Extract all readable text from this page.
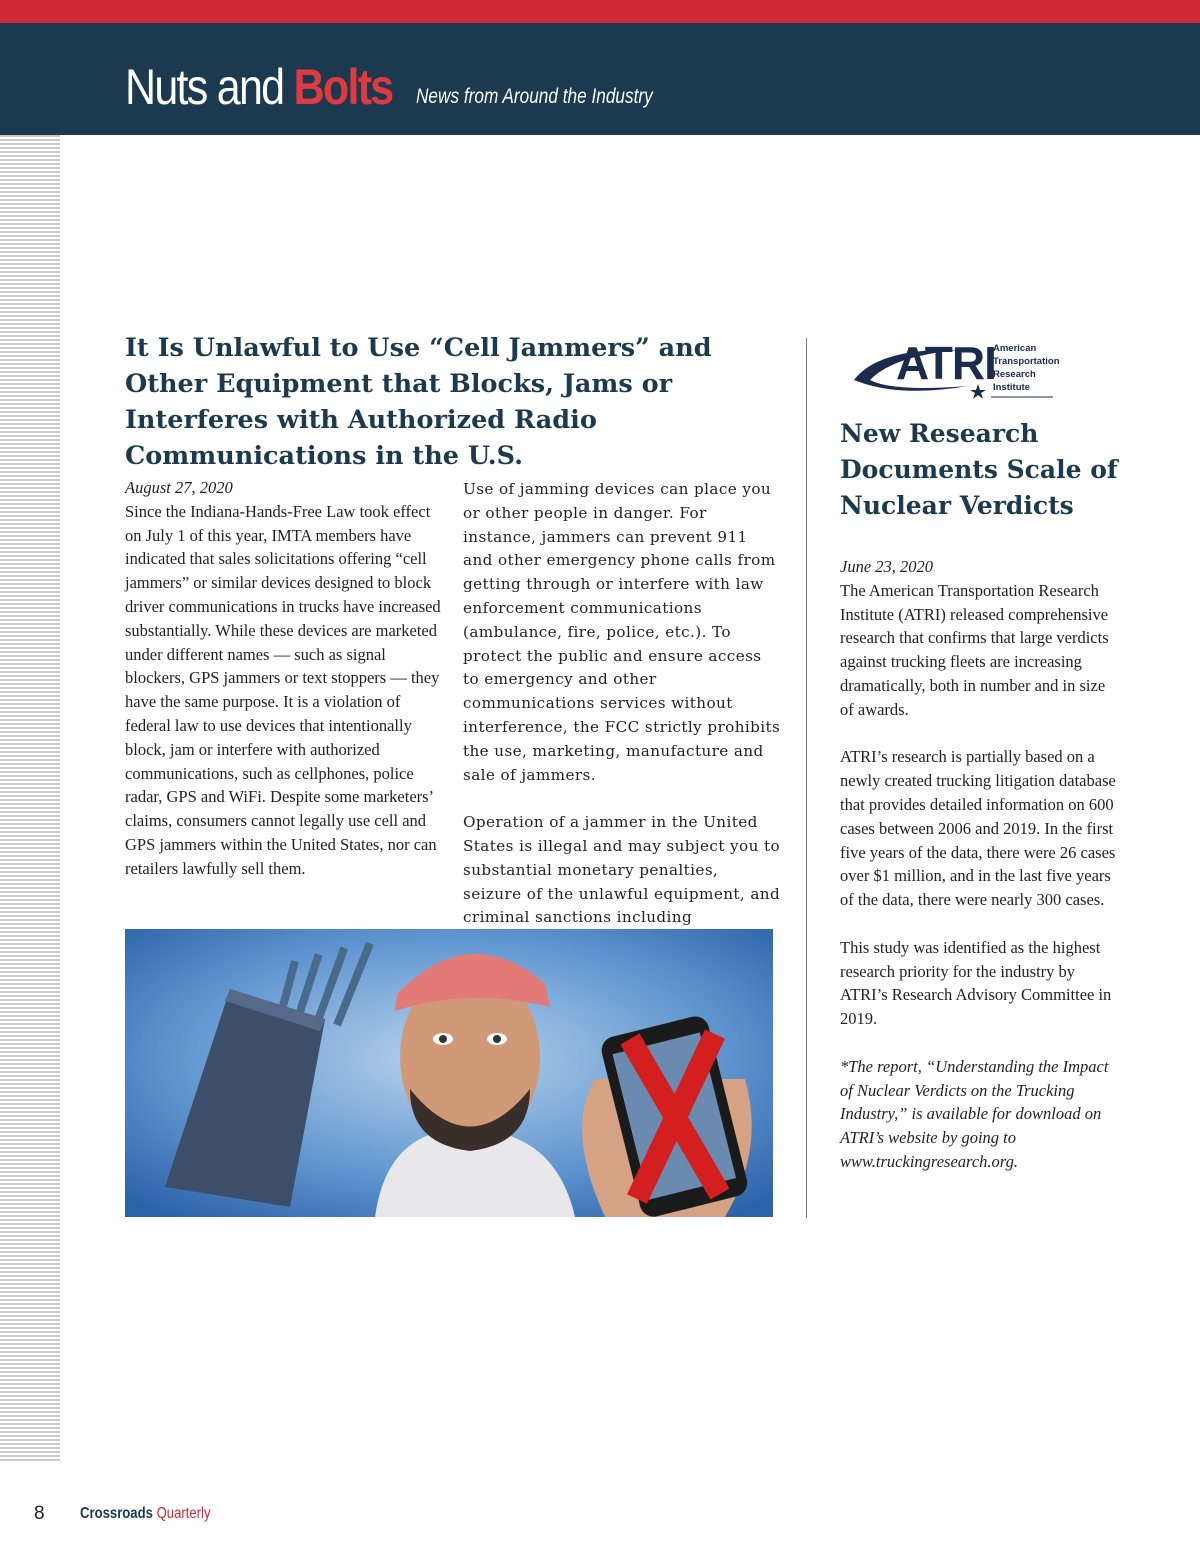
Nuts and Bolts News from Around the Industry
It Is Unlawful to Use “Cell Jammers” and Other Equipment that Blocks, Jams or Interferes with Authorized Radio Communications in the U.S.

August 27, 2020

Since the Indiana-Hands-Free Law took effect on July 1 of this year, IMTA members have indicated that sales solicitations offering “cell jammers” or similar devices designed to block driver communications in trucks have increased substantially. While these devices are marketed under different names — such as signal blockers, GPS jammers or text stoppers — they have the same purpose. It is a violation of federal law to use devices that intentionally block, jam or interfere with authorized communications, such as cellphones, police radar, GPS and WiFi. Despite some marketers’ claims, consumers cannot legally use cell and GPS jammers within the United States, nor can retailers lawfully sell them.

Use of jamming devices can place you or other people in danger. For instance, jammers can prevent 911 and other emergency phone calls from getting through or interfere with law enforcement communications (ambulance, fire, police, etc.). To protect the public and ensure access to emergency and other communications services without interference, the FCC strictly prohibits the use, marketing, manufacture and sale of jammers.

Operation of a jammer in the United States is illegal and may subject you to substantial monetary penalties, seizure of the unlawful equipment, and criminal sanctions including

ATRI
American
Transportation
Research
Institute
New Research Documents Scale of Nuclear Verdicts

June 23, 2020

The American Transportation Research Institute (ATRI) released comprehensive research that confirms that large verdicts against trucking fleets are increasing dramatically, both in number and in size of awards.

ATRI’s research is partially based on a newly created trucking litigation database that provides detailed information on 600 cases between 2006 and 2019. In the first five years of the data, there were 26 cases over $1 million, and in the last five years of the data, there were nearly 300 cases.

This study was identified as the highest research priority for the industry by ATRI’s Research Advisory Committee in 2019.

*The report, “Understanding the Impact of Nuclear Verdicts on the Trucking Industry,” is available for download on ATRI’s website by going to www.truckingresearch.org.

8 Crossroads Quarterly
